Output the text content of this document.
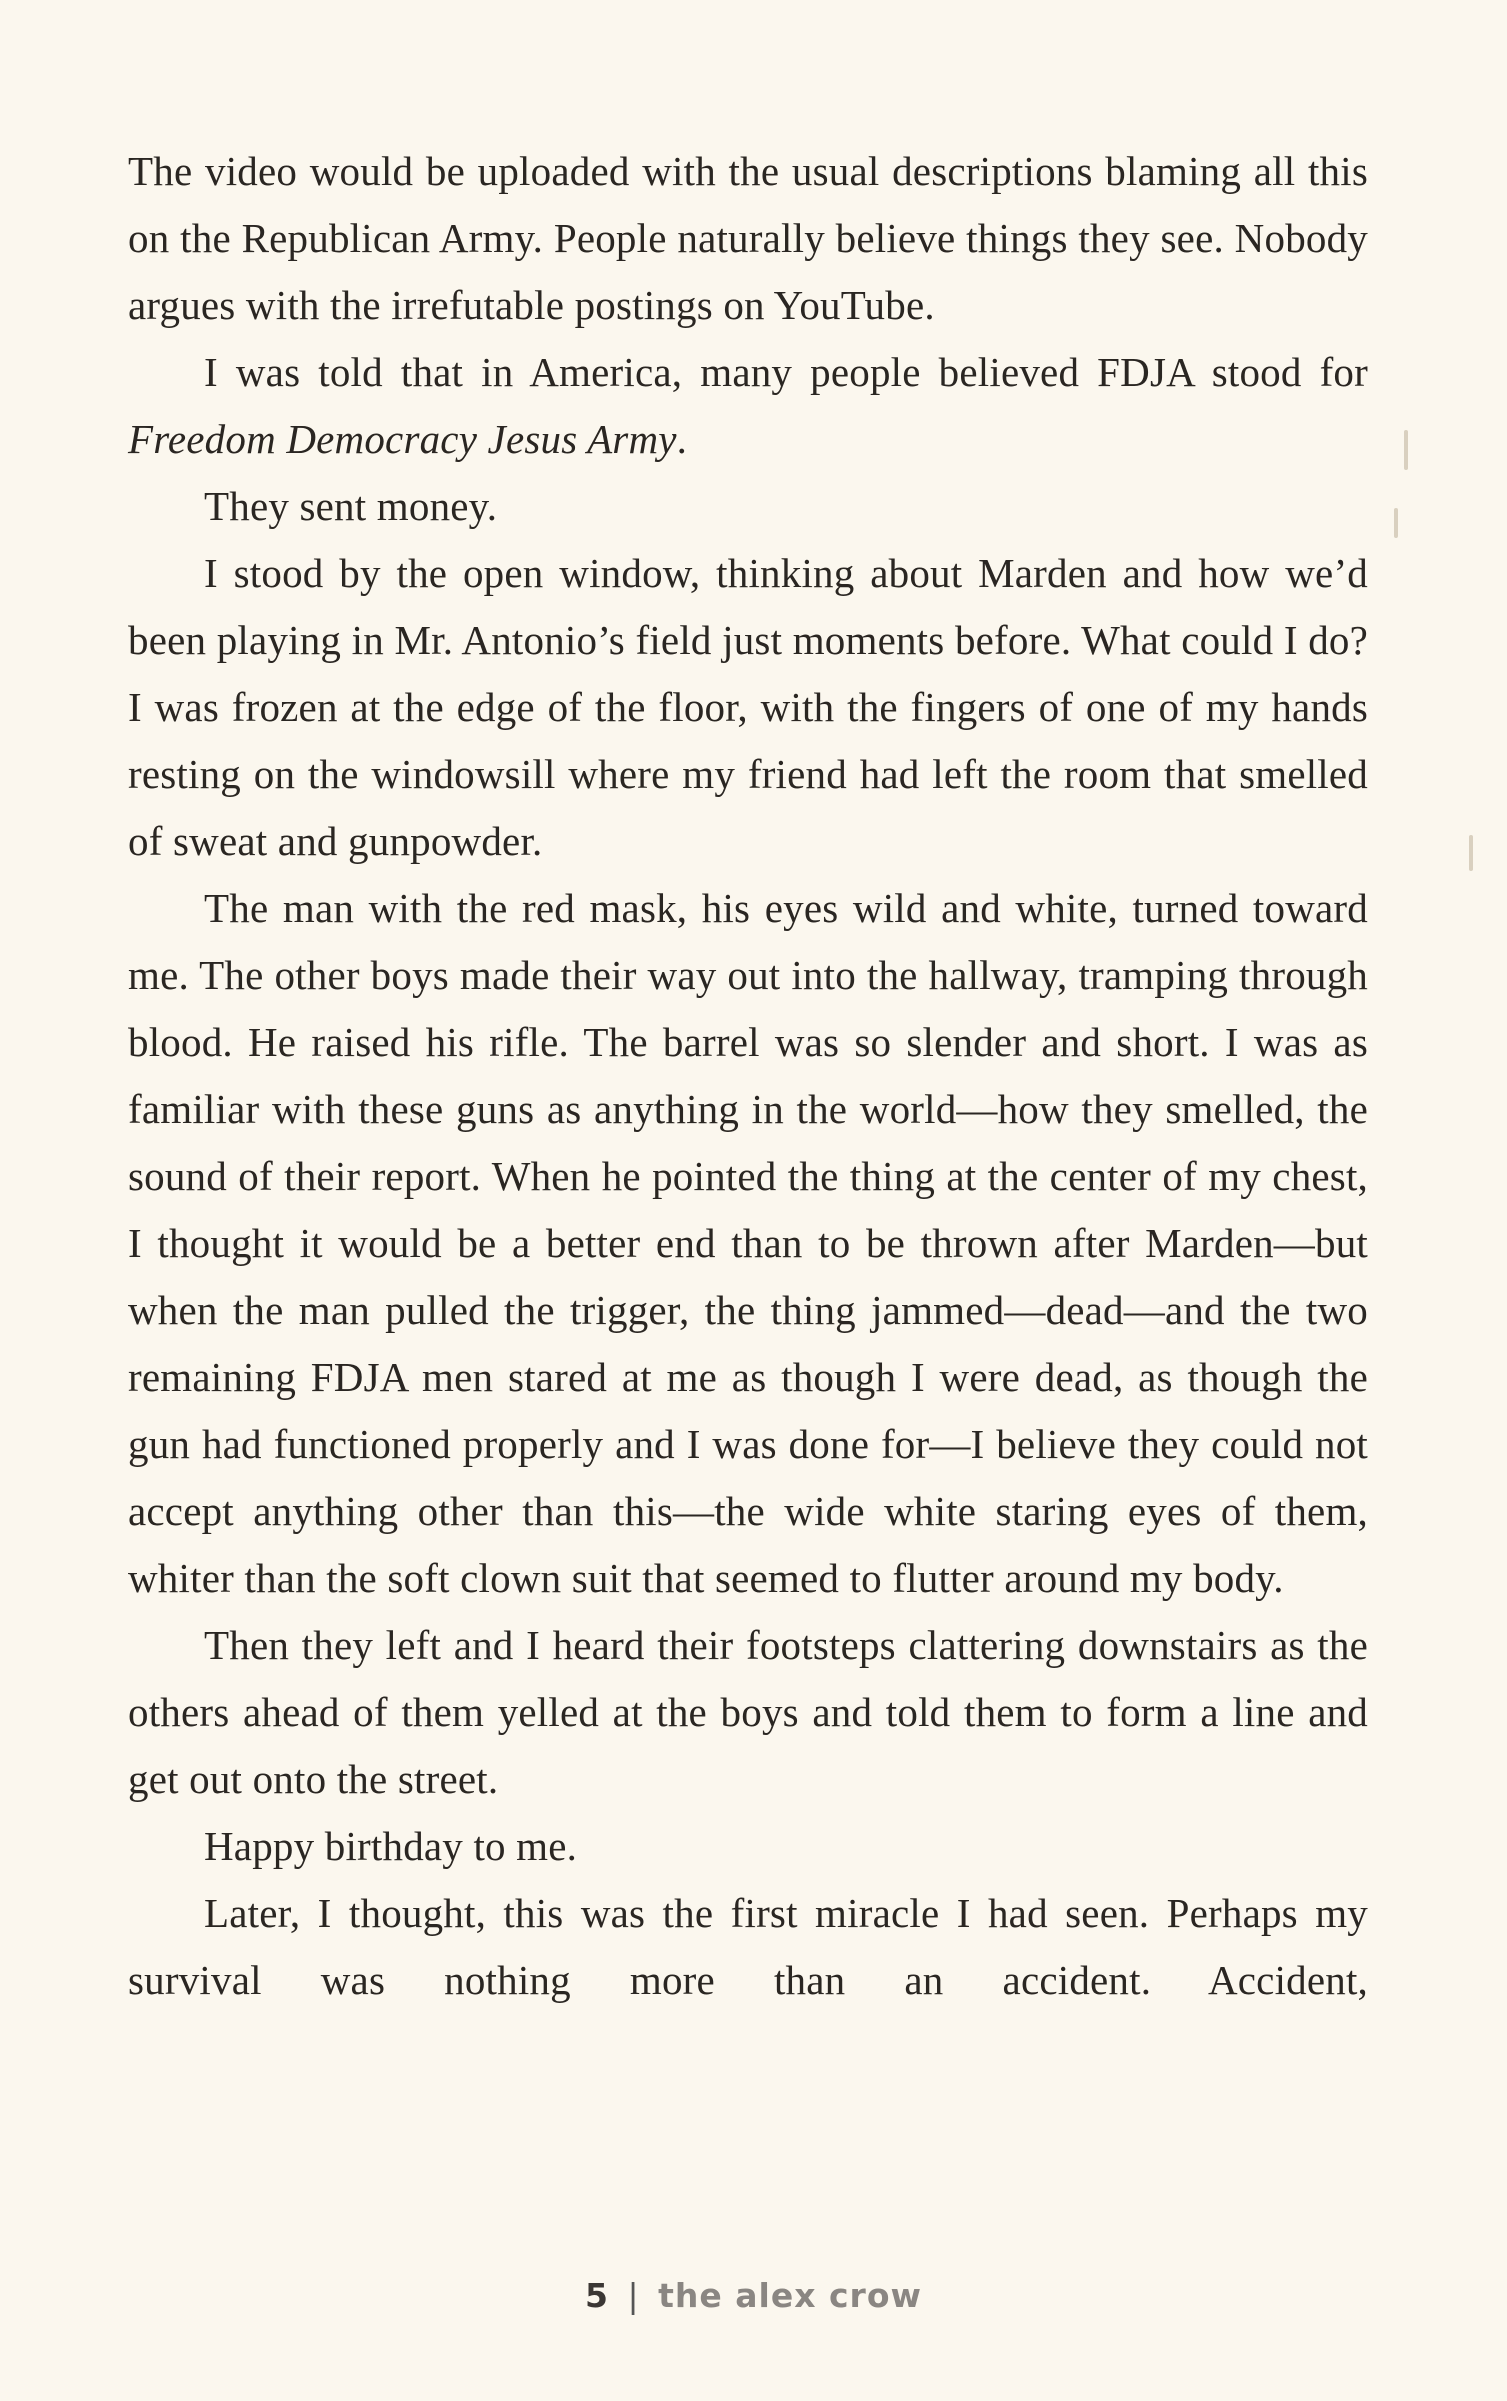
The video would be uploaded with the usual descriptions blaming all this on the Republican Army. People naturally believe things they see. Nobody argues with the irrefutable postings on YouTube.

I was told that in America, many people believed FDJA stood for Freedom Democracy Jesus Army.

They sent money.

I stood by the open window, thinking about Marden and how we’d been playing in Mr. Antonio’s field just moments before. What could I do? I was frozen at the edge of the floor, with the fingers of one of my hands resting on the windowsill where my friend had left the room that smelled of sweat and gunpowder.

The man with the red mask, his eyes wild and white, turned toward me. The other boys made their way out into the hallway, tramping through blood. He raised his rifle. The barrel was so slender and short. I was as familiar with these guns as anything in the world—how they smelled, the sound of their report. When he pointed the thing at the center of my chest, I thought it would be a better end than to be thrown after Marden—but when the man pulled the trigger, the thing jammed—dead—and the two remaining FDJA men stared at me as though I were dead, as though the gun had functioned properly and I was done for—I believe they could not accept anything other than this—the wide white staring eyes of them, whiter than the soft clown suit that seemed to flutter around my body.

Then they left and I heard their footsteps clattering downstairs as the others ahead of them yelled at the boys and told them to form a line and get out onto the street.

Happy birthday to me.

Later, I thought, this was the first miracle I had seen. Perhaps my survival was nothing more than an accident. Accident,

5 | the alex crow
